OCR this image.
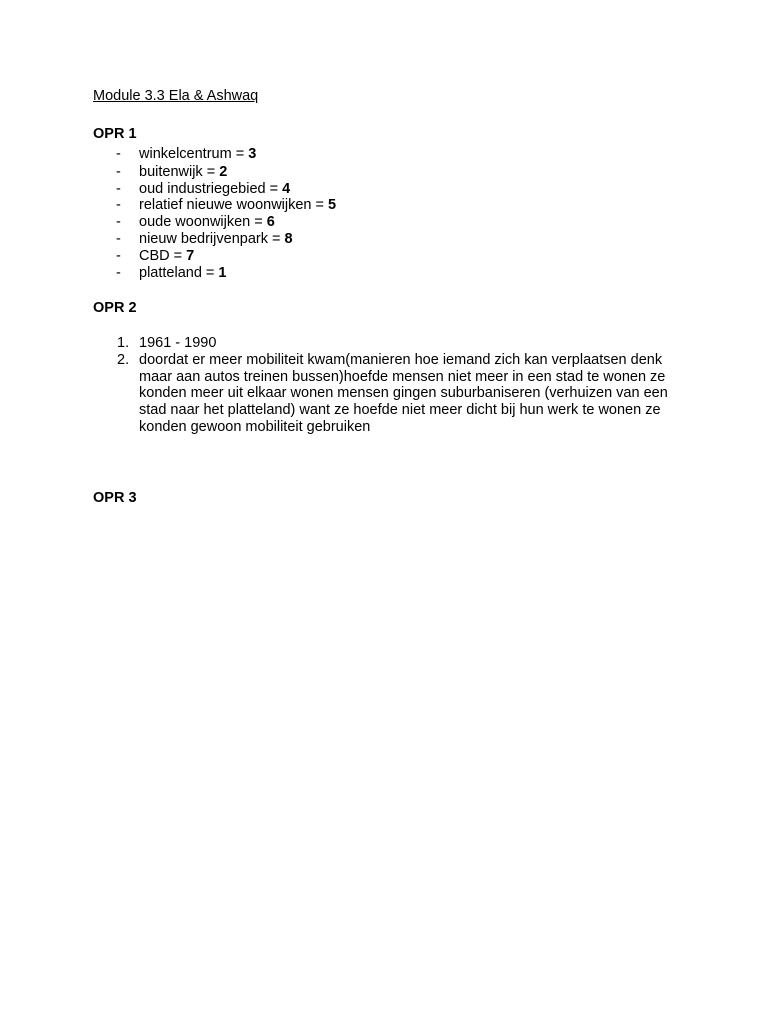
Module 3.3 Ela & Ashwaq
OPR 1
- winkelcentrum = 3
- buitenwijk = 2
- oud industriegebied = 4
- relatief nieuwe woonwijken = 5
- oude woonwijken = 6
- nieuw bedrijvenpark = 8
- CBD = 7
- platteland = 1
OPR 2
1. 1961 - 1990
2. doordat er meer mobiliteit kwam(manieren hoe iemand zich kan verplaatsen denk maar aan autos treinen bussen)hoefde mensen niet meer in een stad te wonen ze konden meer uit elkaar wonen mensen gingen suburbaniseren (verhuizen van een stad naar het platteland) want ze hoefde niet meer dicht bij hun werk te wonen ze konden gewoon mobiliteit gebruiken
OPR 3
